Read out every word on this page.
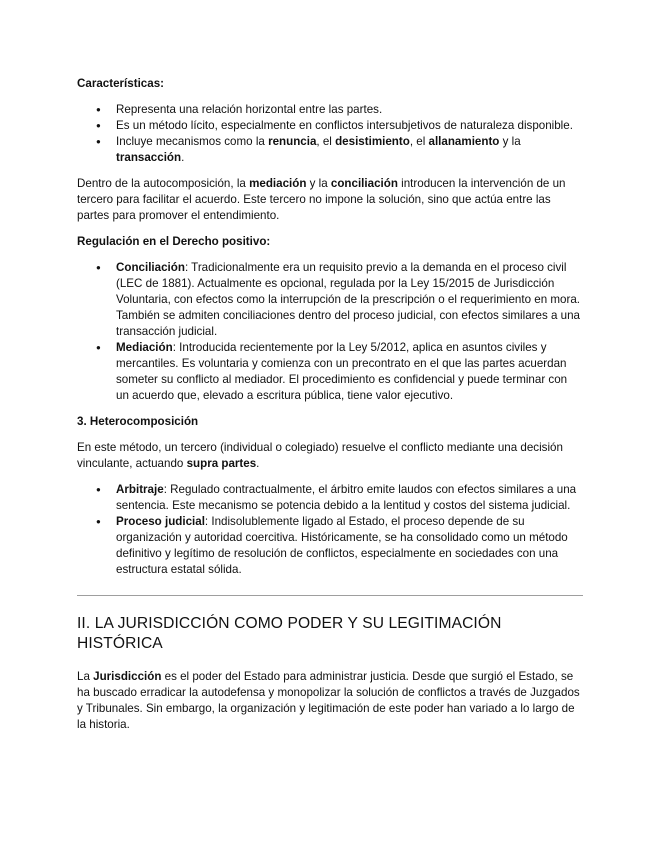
Características:

● Representa una relación horizontal entre las partes.
● Es un método lícito, especialmente en conflictos intersubjetivos de naturaleza disponible.
● Incluye mecanismos como la renuncia, el desistimiento, el allanamiento y la transacción.

Dentro de la autocomposición, la mediación y la conciliación introducen la intervención de un tercero para facilitar el acuerdo. Este tercero no impone la solución, sino que actúa entre las partes para promover el entendimiento.

Regulación en el Derecho positivo:

● Conciliación: Tradicionalmente era un requisito previo a la demanda en el proceso civil (LEC de 1881). Actualmente es opcional, regulada por la Ley 15/2015 de Jurisdicción Voluntaria, con efectos como la interrupción de la prescripción o el requerimiento en mora. También se admiten conciliaciones dentro del proceso judicial, con efectos similares a una transacción judicial.
● Mediación: Introducida recientemente por la Ley 5/2012, aplica en asuntos civiles y mercantiles. Es voluntaria y comienza con un precontrato en el que las partes acuerdan someter su conflicto al mediador. El procedimiento es confidencial y puede terminar con un acuerdo que, elevado a escritura pública, tiene valor ejecutivo.

3. Heterocomposición

En este método, un tercero (individual o colegiado) resuelve el conflicto mediante una decisión vinculante, actuando supra partes.

● Arbitraje: Regulado contractualmente, el árbitro emite laudos con efectos similares a una sentencia. Este mecanismo se potencia debido a la lentitud y costos del sistema judicial.
● Proceso judicial: Indisolublemente ligado al Estado, el proceso depende de su organización y autoridad coercitiva. Históricamente, se ha consolidado como un método definitivo y legítimo de resolución de conflictos, especialmente en sociedades con una estructura estatal sólida.

II. LA JURISDICCIÓN COMO PODER Y SU LEGITIMACIÓN HISTÓRICA

La Jurisdicción es el poder del Estado para administrar justicia. Desde que surgió el Estado, se ha buscado erradicar la autodefensa y monopolizar la solución de conflictos a través de Juzgados y Tribunales. Sin embargo, la organización y legitimación de este poder han variado a lo largo de la historia.
